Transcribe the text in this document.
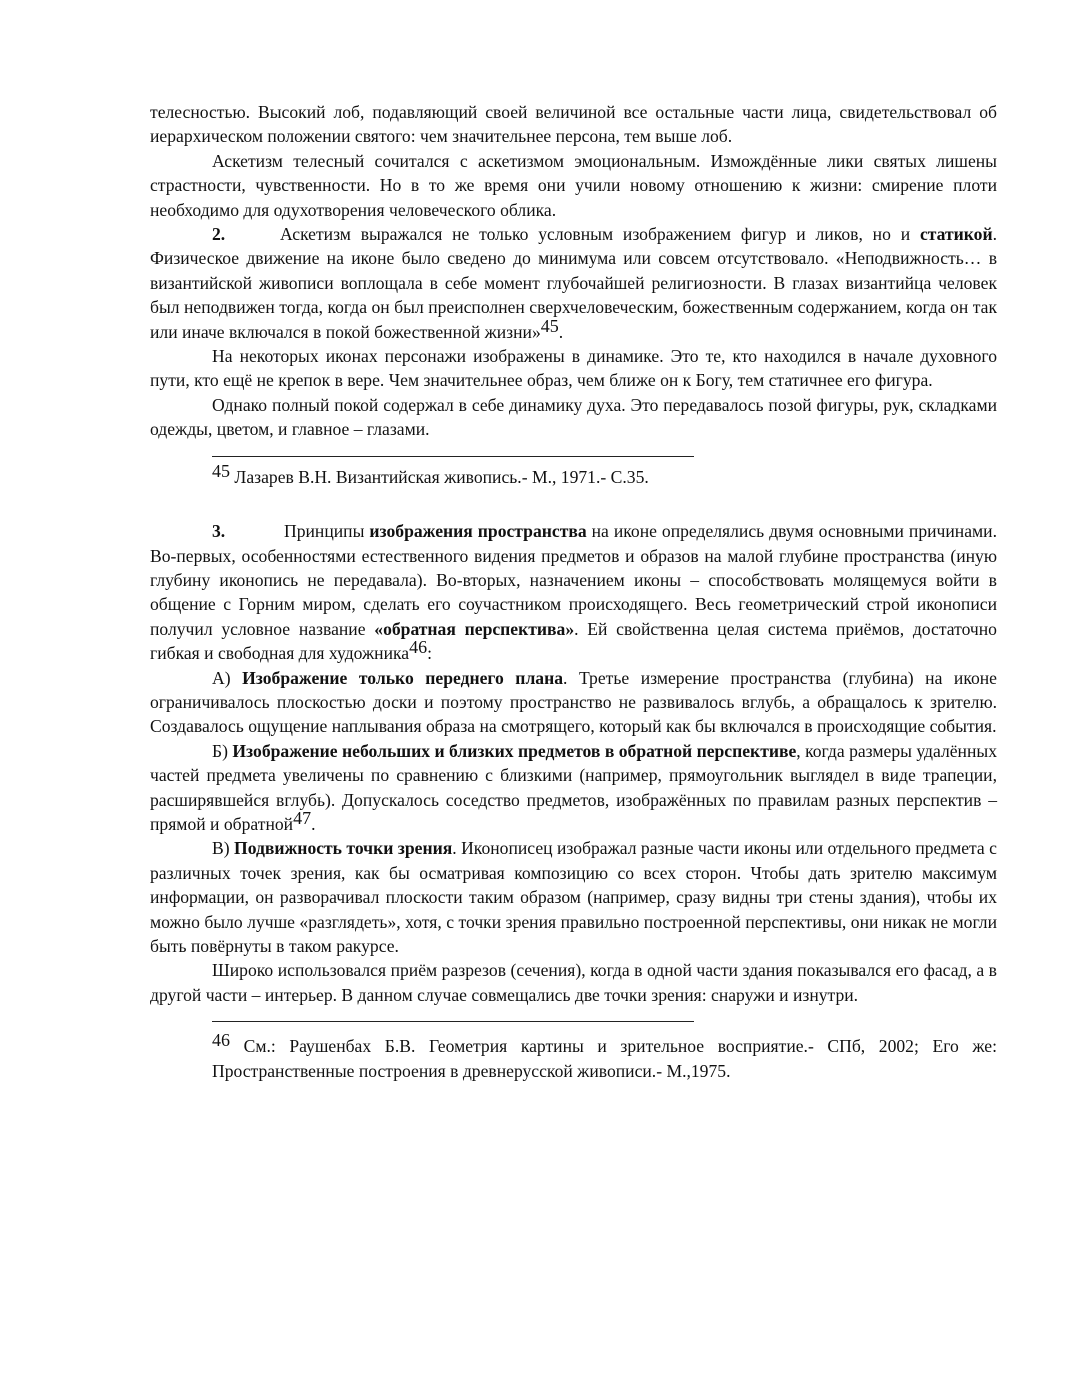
телесностью. Высокий лоб, подавляющий своей величиной все остальные части лица, свидетельствовал об иерархическом положении святого: чем значительнее персона, тем выше лоб.

Аскетизм телесный сочитался с аскетизмом эмоциональным. Измождённые лики святых лишены страстности, чувственности. Но в то же время они учили новому отношению к жизни: смирение плоти необходимо для одухотворения человеческого облика.

2.	Аскетизм выражался не только условным изображением фигур и ликов, но и статикой. Физическое движение на иконе было сведено до минимума или совсем отсутствовало. «Неподвижность… в византийской живописи воплощала в себе момент глубочайшей религиозности. В глазах византийца человек был неподвижен тогда, когда он был преисполнен сверхчеловеческим, божественным содержанием, когда он так или иначе включался в покой божественной жизни»$^{45}$.

На некоторых иконах персонажи изображены в динамике. Это те, кто находился в начале духовного пути, кто ещё не крепок в вере. Чем значительнее образ, чем ближе он к Богу, тем статичнее его фигура.

Однако полный покой содержал в себе динамику духа. Это передавалось позой фигуры, рук, складками одежды, цветом, и главное – глазами.

$^{45}$ Лазарев В.Н. Византийская живопись.- М., 1971.- С.35.

3.	Принципы изображения пространства на иконе определялись двумя основными причинами. Во-первых, особенностями естественного видения предметов и образов на малой глубине пространства (иную глубину иконопись не передавала). Во-вторых, назначением иконы – способствовать молящемуся войти в общение с Горним миром, сделать его соучастником происходящего. Весь геометрический строй иконописи получил условное название «обратная перспектива». Ей свойственна целая система приёмов, достаточно гибкая и свободная для художника$^{46}$:

А) Изображение только переднего плана. Третье измерение пространства (глубина) на иконе ограничивалось плоскостью доски и поэтому пространство не развивалось вглубь, а обращалось к зрителю. Создавалось ощущение наплывания образа на смотрящего, который как бы включался в происходящие события.

Б) Изображение небольших и близких предметов в обратной перспективе, когда размеры удалённых частей предмета увеличены по сравнению с близкими (например, прямоугольник выглядел в виде трапеции, расширявшейся вглубь). Допускалось соседство предметов, изображённых по правилам разных перспектив – прямой и обратной$^{47}$.

В) Подвижность точки зрения. Иконописец изображал разные части иконы или отдельного предмета с различных точек зрения, как бы осматривая композицию со всех сторон. Чтобы дать зрителю максимум информации, он разворачивал плоскости таким образом (например, сразу видны три стены здания), чтобы их можно было лучше «разглядеть», хотя, с точки зрения правильно построенной перспективы, они никак не могли быть повёрнуты в таком ракурсе.

Широко использовался приём разрезов (сечения), когда в одной части здания показывался его фасад, а в другой части – интерьер. В данном случае совмещались две точки зрения: снаружи и изнутри.

$^{46}$ См.: Раушенбах Б.В. Геометрия картины и зрительное восприятие.- СПб, 2002; Его же: Пространственные построения в древнерусской живописи.- М.,1975.
